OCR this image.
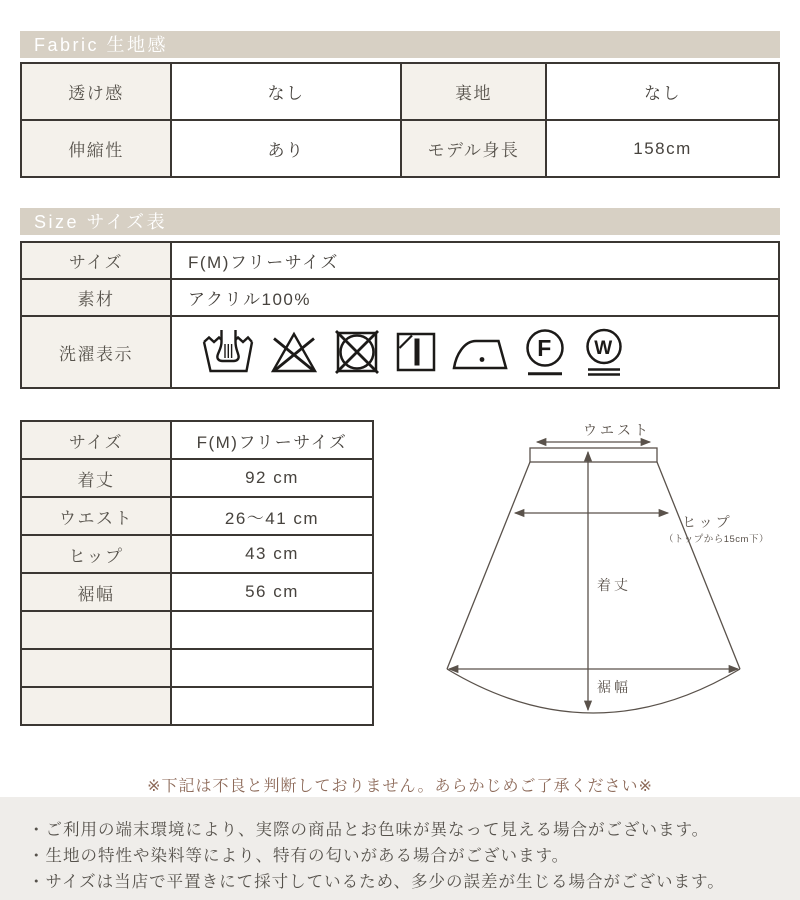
Fabric 生地感
透け感	なし	裏地	なし
伸縮性	あり	モデル身長	158cm
Size サイズ表
サイズ	F(M)フリーサイズ
素材	アクリル100%
洗濯表示	F W
サイズ	F(M)フリーサイズ
着丈	92 cm
ウエスト	26〜41 cm
ヒップ	43 cm
裾幅	56 cm

ウエスト
ヒップ
（トップから15cm下）
着丈
裾幅
※下記は不良と判断しておりません。あらかじめご了承ください※
・ご利用の端末環境により、実際の商品とお色味が異なって見える場合がございます。
・生地の特性や染料等により、特有の匂いがある場合がございます。
・サイズは当店で平置きにて採寸しているため、多少の誤差が生じる場合がございます。
